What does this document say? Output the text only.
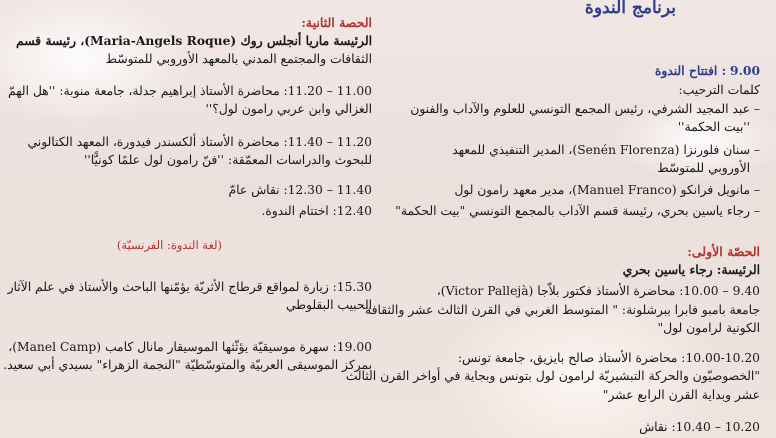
الحصة الثانية:
الرئيسة ماريا أنجلس روك (Maria-Angels Roque)، رئيسة قسم
الثقافات والمجتمع المدني بالمعهد الأوروبي للمتوسّط
11.00 – 11.20: محاضرة الأستاذ إبراهيم جدلة، جامعة منوبة: ''هل الهمّ
الغزالي وابن عربي رامون لول؟''
11.20 – 11.40: محاضرة الأستاذ ألكسندر فيدورة، المعهد الكتالوني
للبحوث والدراسات المعمّقة: ''فنّ رامون لول علمًا كونيًّا''
11.40 – 12.30: نقاش عامّ
12.40: اختتام الندوة.
(لغة الندوة: الفرنسيّة)
15.30: زيارة لمواقع قرطاج الأثريّة يؤمّنها الباحث والأستاذ في علم الآثار
الحبيب البقلوطي
19.00: سهرة موسيقيّة يؤثّثها الموسيقار مانال كامب (Manel Camp)،
بمركز الموسيقى العربيّة والمتوسّطيّة "النجمة الزهراء" بسيدي أبي سعيد.
برنامج الندوة
9.00 : افتتاح الندوة
كلمات الترحيب:
– عبد المجيد الشرفي، رئيس المجمع التونسي للعلوم والآداب والفنون
''بيت الحكمة''
– سنان فلورنزا (Senén Florenza)، المدير التنفيذي للمعهد
الأوروبي للمتوسّط
– مانويل فرانكو (Manuel Franco)، مدير معهد رامون لول
– رجاء ياسين بحري، رئيسة قسم الآداب بالمجمع التونسي "بيت الحكمة"
الحصّة الأولى:
الرئيسة: رجاء ياسين بحري
9.40 – 10.00: محاضرة الأستاذ فكتور بلاّجا (Victor Pallejà)،
جامعة بامبو فابرا ببرشلونة: " المتوسط الغربي في القرن الثالث عشر والثقافة
الكونية لرامون لول"
10.00-10.20: محاضرة الأستاذ صالح بايزيق، جامعة تونس:
"الخصوصيّون والحركة التبشيريّة لرامون لول بتونس وبجاية في أواخر القرن الثالث
عشر وبداية القرن الرابع عشر"
10.20 – 10.40: نقاش
